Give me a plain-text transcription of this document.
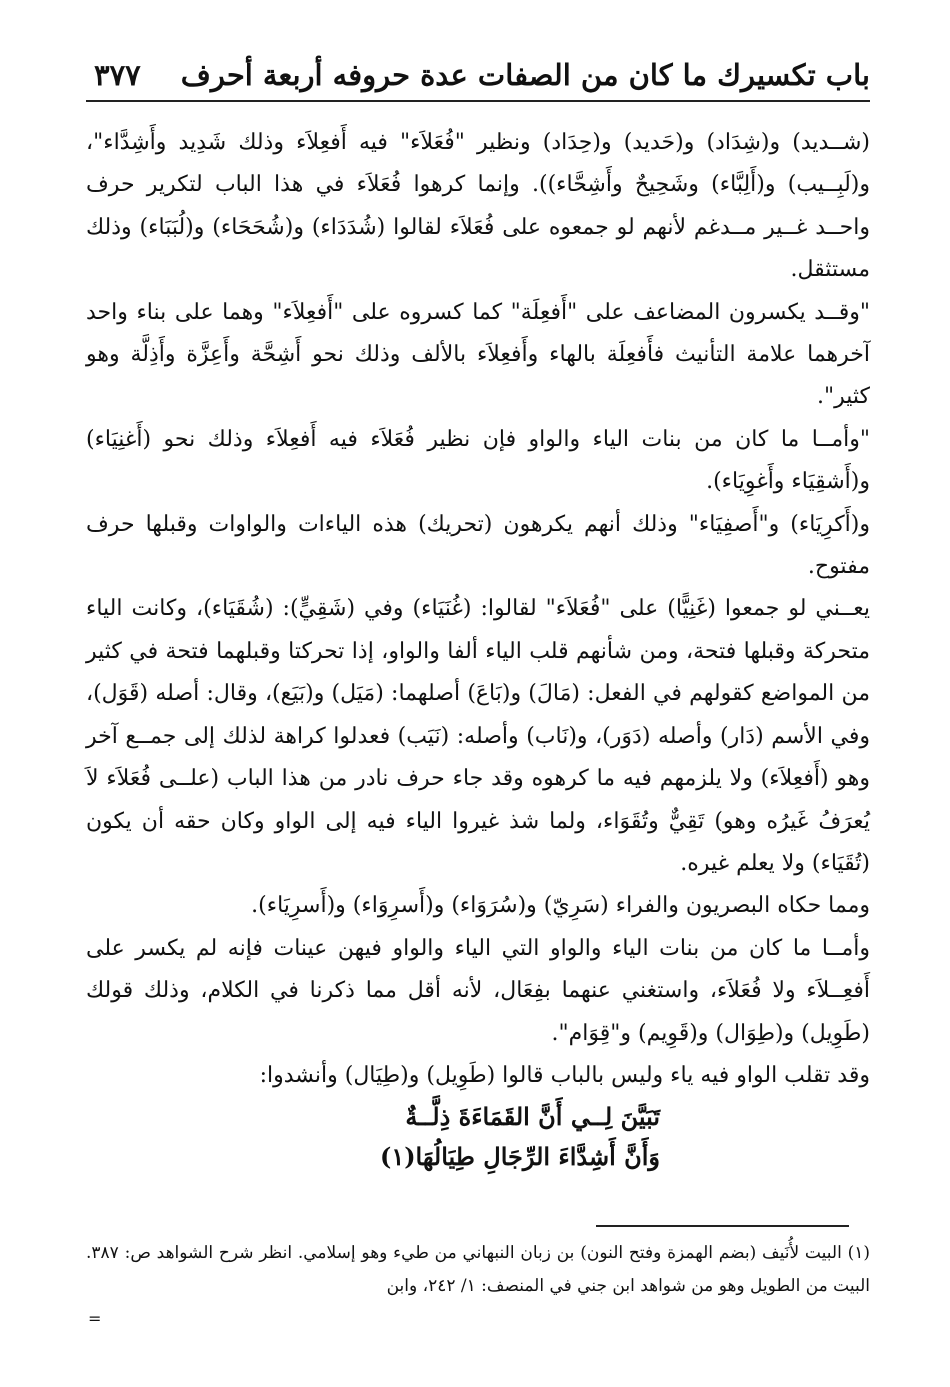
باب تكسيرك ما كان من الصفات عدة حروفه أربعة أحرف
٣٧٧

(شــديد) و(شِدَاد) و(حَديد) و(حِدَاد) ونظير "فُعَلاَء" فيه أَفعِلاَء وذلك شَدِيد وأَشِدَّاء"، و(لَبِــيب) و(أَلِبَّاء) وشَحِيحٌ وأَشِحَّاء)). وإنما كرهوا فُعَلاَء في هذا الباب لتكرير حرف واحــد غــير مــدغم لأنهم لو جمعوه على فُعَلاَء لقالوا (شُدَدَاء) و(شُحَحَاء) و(لُبَبَاء) وذلك مستثقل.

"وقــد يكسرون المضاعف على "أَفعِلَة" كما كسروه على "أَفعِلاَء" وهما على بناء واحد آخرهما علامة التأنيث فأَفعِلَة بالهاء وأَفعِلاَء بالألف وذلك نحو أَشِحَّة وأَعِزَّة وأَذِلَّة وهو كثير".

"وأمــا ما كان من بنات الياء والواو فإن نظير فُعَلاَء فيه أَفعِلاَء وذلك نحو (أَغنِيَاء) و(أَشقِيَاء وأَغوِيَاء).

و(أَكرِيَاء) و"أَصفِيَاء" وذلك أنهم يكرهون (تحريك) هذه الياءات والواوات وقبلها حرف مفتوح.

يعــني لو جمعوا (غَنِيًّا) على "فُعَلاَء" لقالوا: (غُنَيَاء) وفي (شَقِيٍّ): (شُقَيَاء)، وكانت الياء متحركة وقبلها فتحة، ومن شأنهم قلب الياء ألفا والواو، إذا تحركتا وقبلهما فتحة في كثير من المواضع كقولهم في الفعل: (مَالَ) و(بَاعَ) أصلهما: (مَيَل) و(بَيَع)، وقال: أصله (قَوَل)، وفي الأسم (دَار) وأصله (دَوَر)، و(نَاب) وأصله: (نَيَب) فعدلوا كراهة لذلك إلى جمــع آخر وهو (أَفعِلاَء) ولا يلزمهم فيه ما كرهوه وقد جاء حرف نادر من هذا الباب (علــى فُعَلاَء لاَ يُعرَفُ غَيرُه وهو) تَقِيٌّ وتُقَوَاء، ولما شذ غيروا الياء فيه إلى الواو وكان حقه أن يكون (تُقَيَاء) ولا يعلم غيره.

ومما حكاه البصريون والفراء (سَرِيّ) و(سُرَوَاء) و(أَسرِوَاء) و(أَسرِيَاء).

وأمــا ما كان من بنات الياء والواو التي الياء والواو فيهن عينات فإنه لم يكسر على أَفعِــلاَء ولا فُعَلاَء، واستغني عنهما بفِعَال، لأنه أقل مما ذكرنا في الكلام، وذلك قولك (طَوِيل) و(طِوَال) و(قَوِيم) و"قِوَام".

وقد تقلب الواو فيه ياء وليس بالباب قالوا (طَوِيل) و(طِيَال) وأنشدوا:

تَبَيَّنَ لِــي أَنَّ القَمَاءَةَ ذِلَّــةٌ
وَأَنَّ أَشِدَّاءَ الرِّجَالِ طِيَالُهَا(١)

(١) البيت لأُنَيف (بضم الهمزة وفتح النون) بن زبان النبهاني من طيء وهو إسلامي. انظر شرح الشواهد ص: ٣٨٧. البيت من الطويل وهو من شواهد ابن جني في المنصف: ١/ ٢٤٢، وابن

=
